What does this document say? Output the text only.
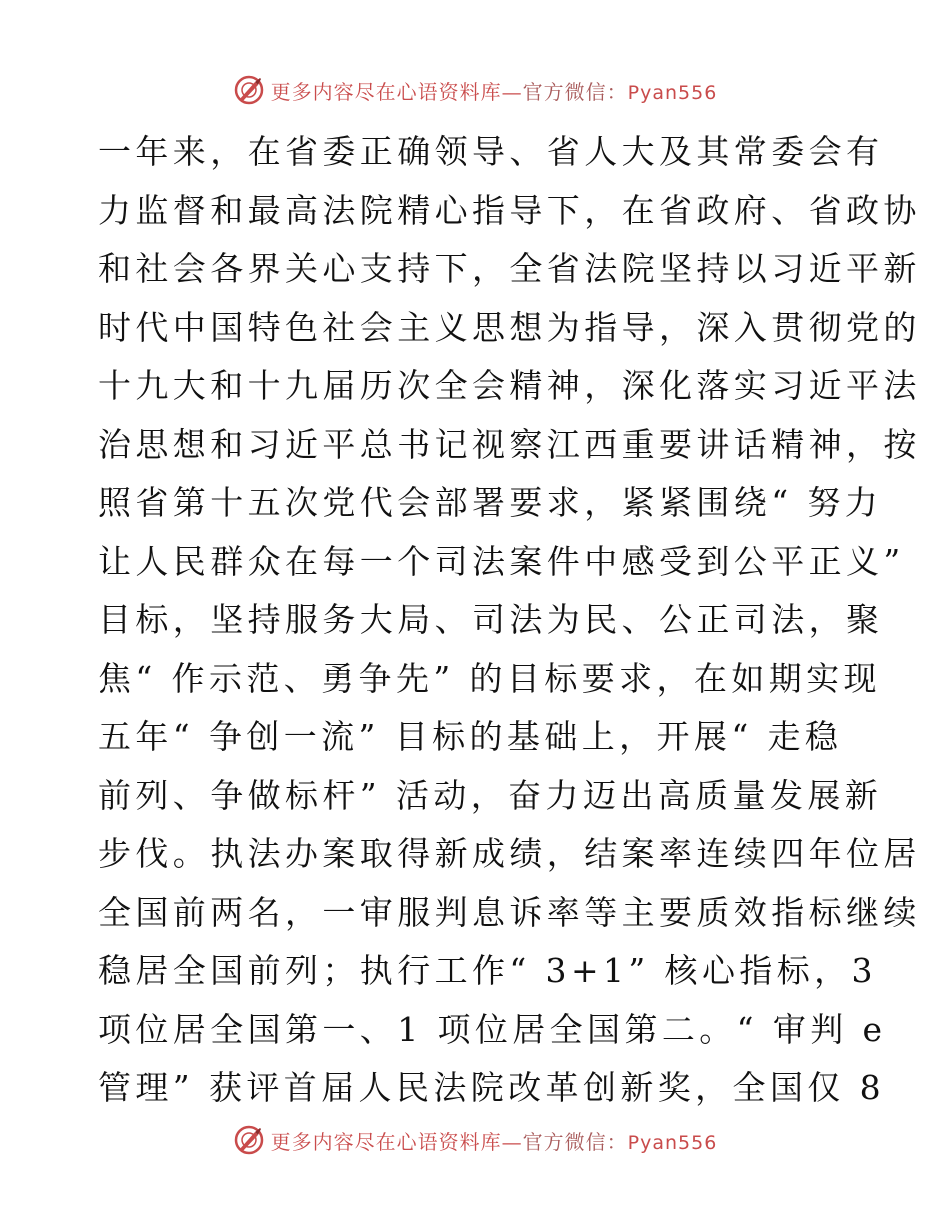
更多内容尽在心语资料库—官方微信：Pyan556
一年来，在省委正确领导、省人大及其常委会有
力监督和最高法院精心指导下，在省政府、省政协
和社会各界关心支持下，全省法院坚持以习近平新
时代中国特色社会主义思想为指导，深入贯彻党的
十九大和十九届历次全会精神，深化落实习近平法
治思想和习近平总书记视察江西重要讲话精神，按
照省第十五次党代会部署要求，紧紧围绕“ 努力
让人民群众在每一个司法案件中感受到公平正义”
目标，坚持服务大局、司法为民、公正司法，聚
焦“ 作示范、勇争先” 的目标要求，在如期实现
五年“ 争创一流” 目标的基础上，开展“ 走稳
前列、争做标杆” 活动，奋力迈出高质量发展新
步伐。执法办案取得新成绩，结案率连续四年位居
全国前两名，一审服判息诉率等主要质效指标继续
稳居全国前列；执行工作“ 3+1” 核心指标，3
项位居全国第一、1 项位居全国第二。“ 审判 e
管理” 获评首届人民法院改革创新奖，全国仅 8
更多内容尽在心语资料库—官方微信：Pyan556
